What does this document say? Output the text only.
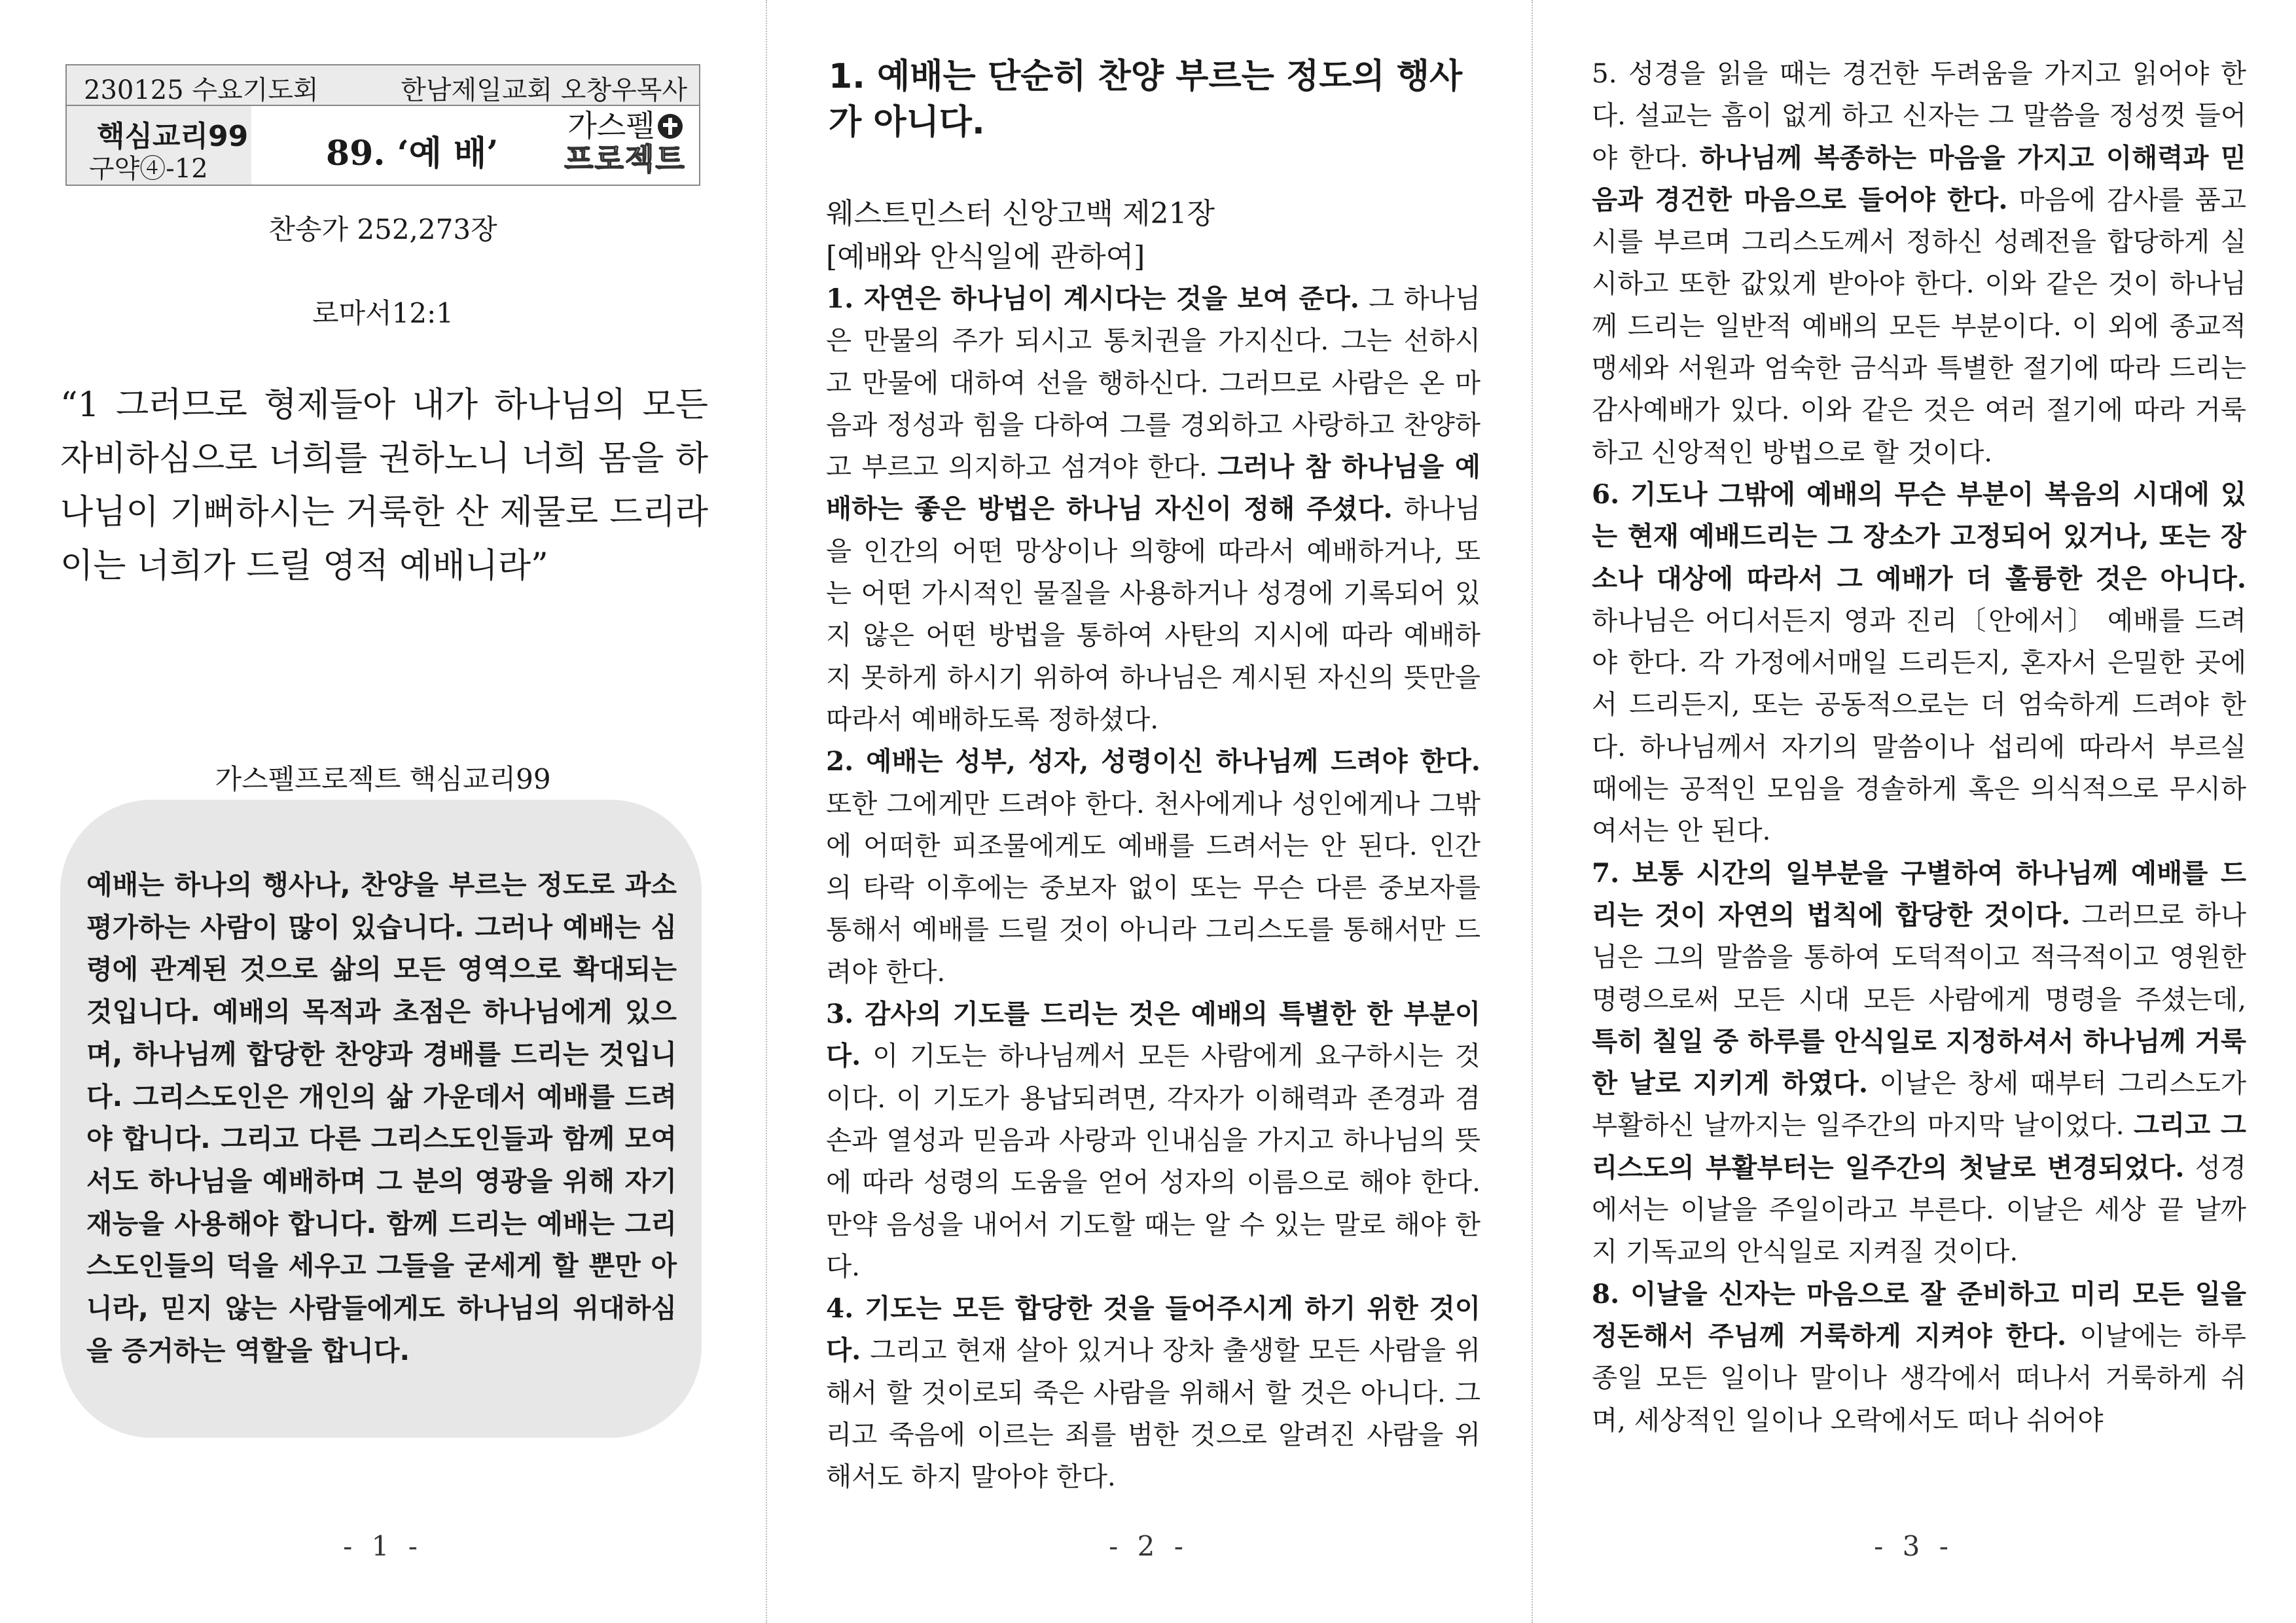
230125 수요기도회	한남제일교회 오창우목사
핵심교리99
구약④-12	89. ‘예 배’
가스펠
프로젝트
찬송가 252,273장
로마서12:1
“1 그러므로 형제들아 내가 하나님의 모든 자비하심으로 너희를 권하노니 너희 몸을 하나님이 기뻐하시는 거룩한 산 제물로 드리라 이는 너희가 드릴 영적 예배니라”
가스펠프로젝트 핵심교리99
예배는 하나의 행사나, 찬양을 부르는 정도로 과소평가하는 사람이 많이 있습니다. 그러나 예배는 심령에 관계된 것으로 삶의 모든 영역으로 확대되는 것입니다. 예배의 목적과 초점은 하나님에게 있으며, 하나님께 합당한 찬양과 경배를 드리는 것입니다. 그리스도인은 개인의 삶 가운데서 예배를 드려야 합니다. 그리고 다른 그리스도인들과 함께 모여서도 하나님을 예배하며 그 분의 영광을 위해 자기 재능을 사용해야 합니다. 함께 드리는 예배는 그리스도인들의 덕을 세우고 그들을 굳세게 할 뿐만 아니라, 믿지 않는 사람들에게도 하나님의 위대하심을 증거하는 역할을 합니다.
- 1 -
1. 예배는 단순히 찬양 부르는 정도의 행사가 아니다.
웨스트민스터 신앙고백 제21장
[예배와 안식일에 관하여]

1. 자연은 하나님이 계시다는 것을 보여 준다. 그 하나님은 만물의 주가 되시고 통치권을 가지신다. 그는 선하시고 만물에 대하여 선을 행하신다. 그러므로 사람은 온 마음과 정성과 힘을 다하여 그를 경외하고 사랑하고 찬양하고 부르고 의지하고 섬겨야 한다. 그러나 참 하나님을 예배하는 좋은 방법은 하나님 자신이 정해 주셨다. 하나님을 인간의 어떤 망상이나 의향에 따라서 예배하거나, 또는 어떤 가시적인 물질을 사용하거나 성경에 기록되어 있지 않은 어떤 방법을 통하여 사탄의 지시에 따라 예배하지 못하게 하시기 위하여 하나님은 계시된 자신의 뜻만을 따라서 예배하도록 정하셨다.

2. 예배는 성부, 성자, 성령이신 하나님께 드려야 한다. 또한 그에게만 드려야 한다. 천사에게나 성인에게나 그밖에 어떠한 피조물에게도 예배를 드려서는 안 된다. 인간의 타락 이후에는 중보자 없이 또는 무슨 다른 중보자를 통해서 예배를 드릴 것이 아니라 그리스도를 통해서만 드려야 한다.

3. 감사의 기도를 드리는 것은 예배의 특별한 한 부분이다. 이 기도는 하나님께서 모든 사람에게 요구하시는 것이다. 이 기도가 용납되려면, 각자가 이해력과 존경과 겸손과 열성과 믿음과 사랑과 인내심을 가지고 하나님의 뜻에 따라 성령의 도움을 얻어 성자의 이름으로 해야 한다. 만약 음성을 내어서 기도할 때는 알 수 있는 말로 해야 한다.

4. 기도는 모든 합당한 것을 들어주시게 하기 위한 것이다. 그리고 현재 살아 있거나 장차 출생할 모든 사람을 위해서 할 것이로되 죽은 사람을 위해서 할 것은 아니다. 그리고 죽음에 이르는 죄를 범한 것으로 알려진 사람을 위해서도 하지 말아야 한다.

- 2 -

5. 성경을 읽을 때는 경건한 두려움을 가지고 읽어야 한다. 설교는 흠이 없게 하고 신자는 그 말씀을 정성껏 들어야 한다. 하나님께 복종하는 마음을 가지고 이해력과 믿음과 경건한 마음으로 들어야 한다. 마음에 감사를 품고 시를 부르며 그리스도께서 정하신 성례전을 합당하게 실시하고 또한 값있게 받아야 한다. 이와 같은 것이 하나님께 드리는 일반적 예배의 모든 부분이다. 이 외에 종교적 맹세와 서원과 엄숙한 금식과 특별한 절기에 따라 드리는 감사예배가 있다. 이와 같은 것은 여러 절기에 따라 거룩하고 신앙적인 방법으로 할 것이다.

6. 기도나 그밖에 예배의 무슨 부분이 복음의 시대에 있는 현재 예배드리는 그 장소가 고정되어 있거나, 또는 장소나 대상에 따라서 그 예배가 더 훌륭한 것은 아니다. 하나님은 어디서든지 영과 진리〔안에서〕 예배를 드려야 한다. 각 가정에서매일 드리든지, 혼자서 은밀한 곳에서 드리든지, 또는 공동적으로는 더 엄숙하게 드려야 한다. 하나님께서 자기의 말씀이나 섭리에 따라서 부르실 때에는 공적인 모임을 경솔하게 혹은 의식적으로 무시하여서는 안 된다.

7. 보통 시간의 일부분을 구별하여 하나님께 예배를 드리는 것이 자연의 법칙에 합당한 것이다. 그러므로 하나님은 그의 말씀을 통하여 도덕적이고 적극적이고 영원한 명령으로써 모든 시대 모든 사람에게 명령을 주셨는데, 특히 칠일 중 하루를 안식일로 지정하셔서 하나님께 거룩한 날로 지키게 하였다. 이날은 창세 때부터 그리스도가 부활하신 날까지는 일주간의 마지막 날이었다. 그리고 그리스도의 부활부터는 일주간의 첫날로 변경되었다. 성경에서는 이날을 주일이라고 부른다. 이날은 세상 끝 날까지 기독교의 안식일로 지켜질 것이다.

8. 이날을 신자는 마음으로 잘 준비하고 미리 모든 일을 정돈해서 주님께 거룩하게 지켜야 한다. 이날에는 하루 종일 모든 일이나 말이나 생각에서 떠나서 거룩하게 쉬며, 세상적인 일이나 오락에서도 떠나 쉬어야

- 3 -
